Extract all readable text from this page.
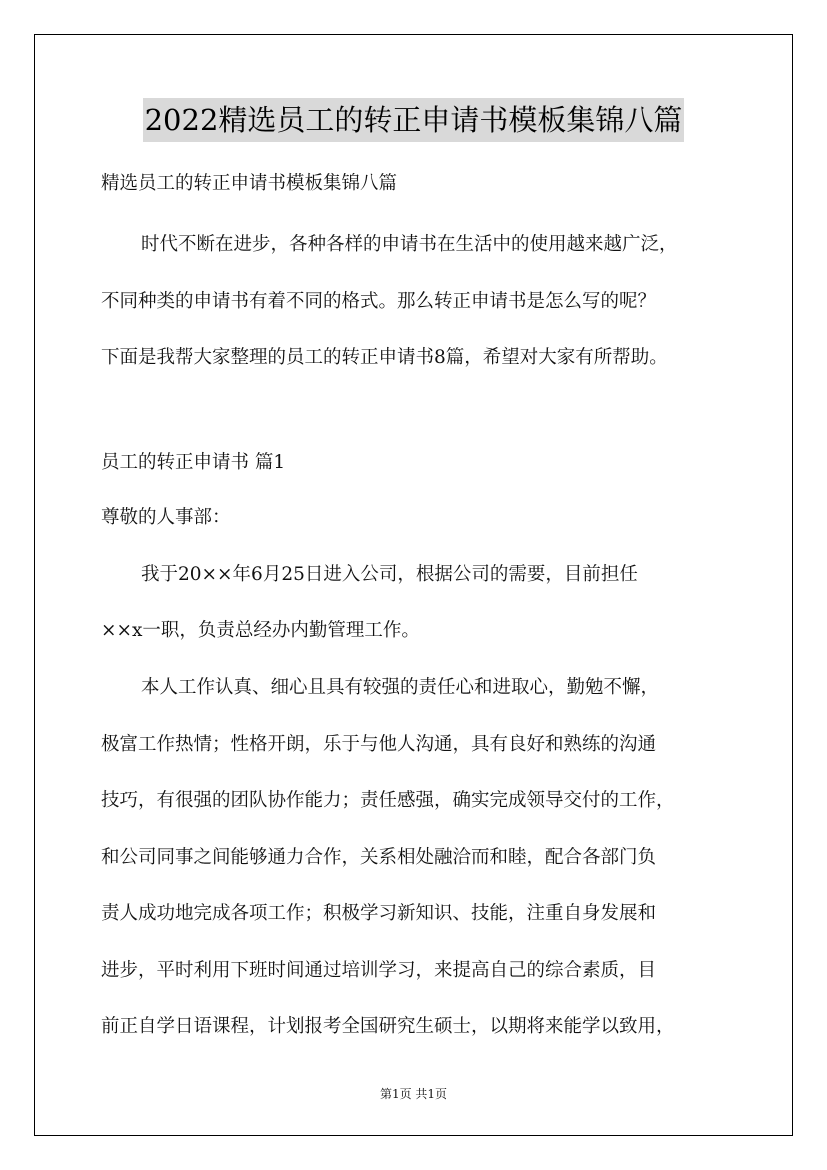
2022精选员工的转正申请书模板集锦八篇

精选员工的转正申请书模板集锦八篇

时代不断在进步，各种各样的申请书在生活中的使用越来越广泛，

不同种类的申请书有着不同的格式。那么转正申请书是怎么写的呢？

下面是我帮大家整理的员工的转正申请书8篇，希望对大家有所帮助。

员工的转正申请书 篇1

尊敬的人事部：

我于20××年6月25日进入公司，根据公司的需要，目前担任

××x一职，负责总经办内勤管理工作。

本人工作认真、细心且具有较强的责任心和进取心，勤勉不懈，

极富工作热情；性格开朗，乐于与他人沟通，具有良好和熟练的沟通

技巧，有很强的团队协作能力；责任感强，确实完成领导交付的工作，

和公司同事之间能够通力合作，关系相处融洽而和睦，配合各部门负

责人成功地完成各项工作；积极学习新知识、技能，注重自身发展和

进步，平时利用下班时间通过培训学习，来提高自己的综合素质，目

前正自学日语课程，计划报考全国研究生硕士，以期将来能学以致用，

第1页 共1页
